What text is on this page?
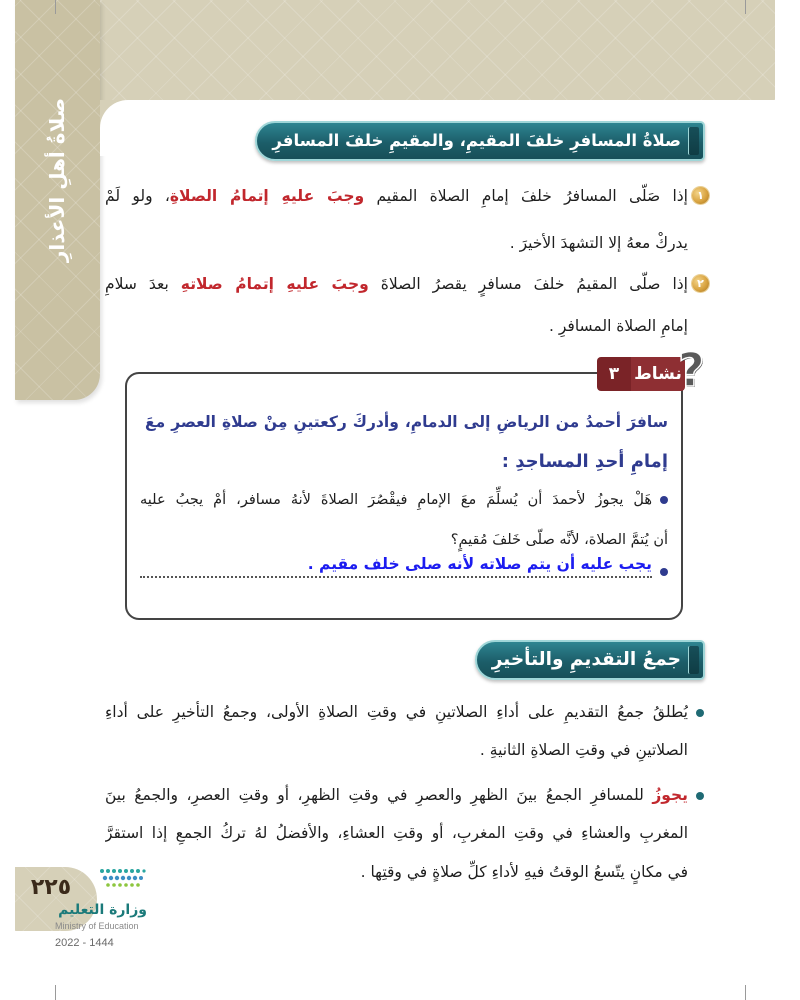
صلاةُ أهلِ الأعذارِ	صلاةُ المسافرِ خلفَ المقيمِ، والمقيمِ خلفَ المسافرِ
١
إذا صَلّى المسافرُ خلفَ إمامِ الصلاة المقيم وجبَ عليهِ إتمامُ الصلاةِ، ولو لَمْ
يدركْ معهُ إلا التشهدَ الأخيرَ .
٢
إذا صلّى المقيمُ خلفَ مسافرٍ يقصرُ الصلاةَ وجبَ عليهِ إتمامُ صلاتهِ بعدَ سلامِ
إمامِ الصلاة المسافرِ .
٣ نشاط
?
سافرَ أحمدُ من الرياضِ إلى الدمامِ، وأدركَ ركعتينِ مِنْ صلاةِ العصرِ معَ
إمامِ أحدِ المساجدِ :
هَلْ يجوزُ لأحمدَ أن يُسلِّمَ معَ الإمامِ فيقْصُرَ الصلاةَ لأنهُ مسافر، أمْ يجبُ عليه
أن يُتمَّ الصلاة، لأنَّه صلّى خَلفَ مُقيمٍ؟
يجب عليه أن يتم صلاته لأنه صلى خلف مقيم .
جمعُ التقديمِ والتأخيرِ
يُطلقُ جمعُ التقديمِ على أداءِ الصلاتينِ في وقتِ الصلاةِ الأولى، وجمعُ التأخيرِ على أداءِ
الصلاتينِ في وقتِ الصلاةِ الثانيةِ .
يجوزُ للمسافرِ الجمعُ بينَ الظهرِ والعصرِ في وقتِ الظهرِ، أو وقتِ العصرِ، والجمعُ بينَ
المغربِ والعشاءِ في وقتِ المغربِ، أو وقتِ العشاءِ، والأفضلُ لهُ تركُ الجمعِ إذا استقرَّ
في مكانٍ يتّسعُ الوقتُ فيهِ لأداءِ كلِّ صلاةٍ في وقتِها .
٢٢٥
وزارة التعليم
Ministry of Education
2022 - 1444
